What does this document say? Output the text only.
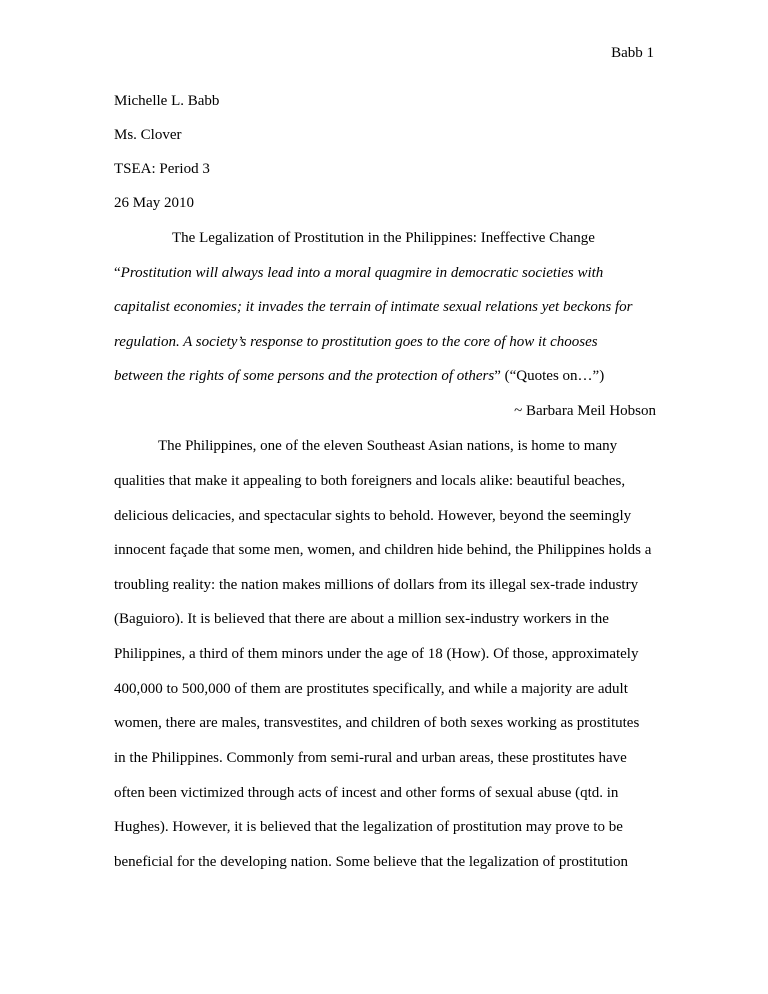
Babb 1
Michelle L. Babb
Ms. Clover
TSEA: Period 3
26 May 2010
The Legalization of Prostitution in the Philippines: Ineffective Change
“Prostitution will always lead into a moral quagmire in democratic societies with
capitalist economies; it invades the terrain of intimate sexual relations yet beckons for
regulation. A society’s response to prostitution goes to the core of how it chooses
between the rights of some persons and the protection of others” (“Quotes on…”)
~ Barbara Meil Hobson
The Philippines, one of the eleven Southeast Asian nations, is home to many
qualities that make it appealing to both foreigners and locals alike: beautiful beaches,
delicious delicacies, and spectacular sights to behold. However, beyond the seemingly
innocent façade that some men, women, and children hide behind, the Philippines holds a
troubling reality: the nation makes millions of dollars from its illegal sex-trade industry
(Baguioro). It is believed that there are about a million sex-industry workers in the
Philippines, a third of them minors under the age of 18 (How). Of those, approximately
400,000 to 500,000 of them are prostitutes specifically, and while a majority are adult
women, there are males, transvestites, and children of both sexes working as prostitutes
in the Philippines. Commonly from semi-rural and urban areas, these prostitutes have
often been victimized through acts of incest and other forms of sexual abuse (qtd. in
Hughes). However, it is believed that the legalization of prostitution may prove to be
beneficial for the developing nation. Some believe that the legalization of prostitution
